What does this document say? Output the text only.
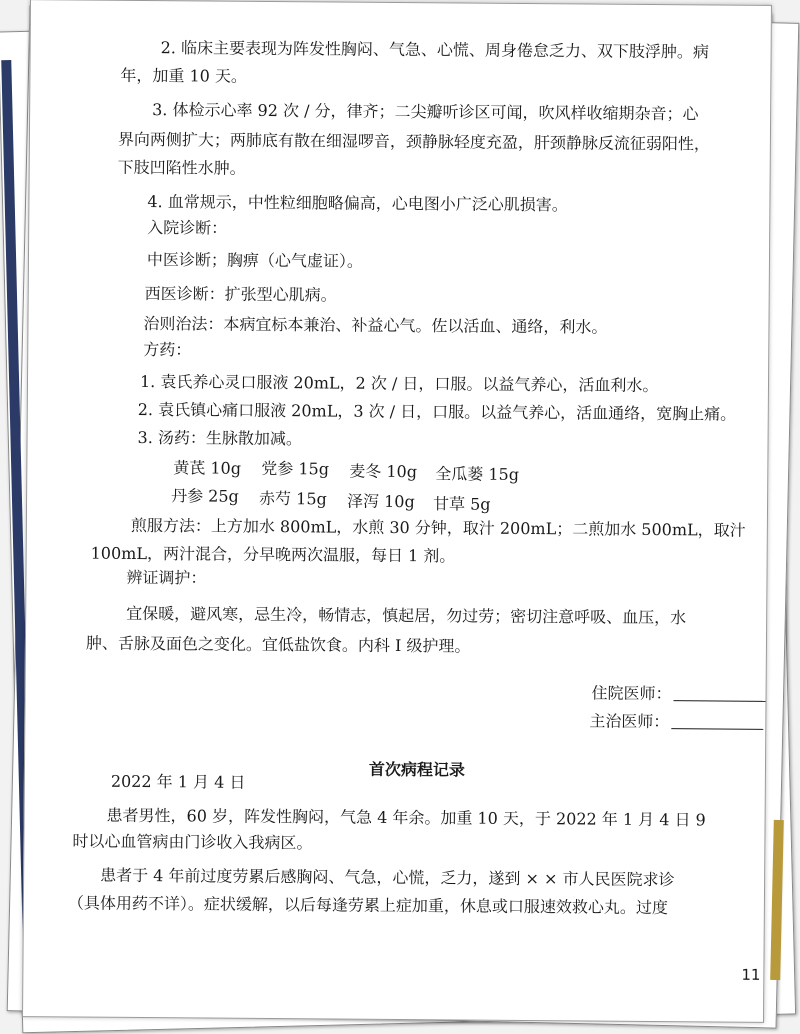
2. 临床主要表现为阵发性胸闷、气急、心慌、周身倦怠乏力、双下肢浮肿。病
年，加重 10 天。
3. 体检示心率 92 次 / 分，律齐；二尖瓣听诊区可闻，吹风样收缩期杂音；心
界向两侧扩大；两肺底有散在细湿啰音，颈静脉轻度充盈，肝颈静脉反流征弱阳性，
下肢凹陷性水肿。
4. 血常规示，中性粒细胞略偏高，心电图小广泛心肌损害。
入院诊断：
中医诊断；胸痹（心气虚证）。
西医诊断：扩张型心肌病。
治则治法：本病宜标本兼治、补益心气。佐以活血、通络，利水。
方药：
1. 袁氏养心灵口服液 20mL，2 次 / 日，口服。以益气养心，活血利水。
2. 袁氏镇心痛口服液 20mL，3 次 / 日，口服。以益气养心，活血通络，宽胸止痛。
3. 汤药：生脉散加减。
黄芪 10g 党参 15g 麦冬 10g 全瓜蒌 15g
丹参 25g 赤芍 15g 泽泻 10g 甘草 5g
煎服方法：上方加水 800mL，水煎 30 分钟，取汁 200mL；二煎加水 500mL，取汁
100mL，两汁混合，分早晚两次温服，每日 1 剂。
辨证调护：
宜保暖，避风寒，忌生冷，畅情志，慎起居，勿过劳；密切注意呼吸、血压，水
肿、舌脉及面色之变化。宜低盐饮食。内科 Ⅰ 级护理。
住院医师：
主治医师：
首次病程记录
2022 年 1 月 4 日
患者男性，60 岁，阵发性胸闷，气急 4 年余。加重 10 天，于 2022 年 1 月 4 日 9
时以心血管病由门诊收入我病区。
患者于 4 年前过度劳累后感胸闷、气急，心慌，乏力，遂到 × × 市人民医院求诊
（具体用药不详）。症状缓解，以后每逢劳累上症加重，休息或口服速效救心丸。过度
11
